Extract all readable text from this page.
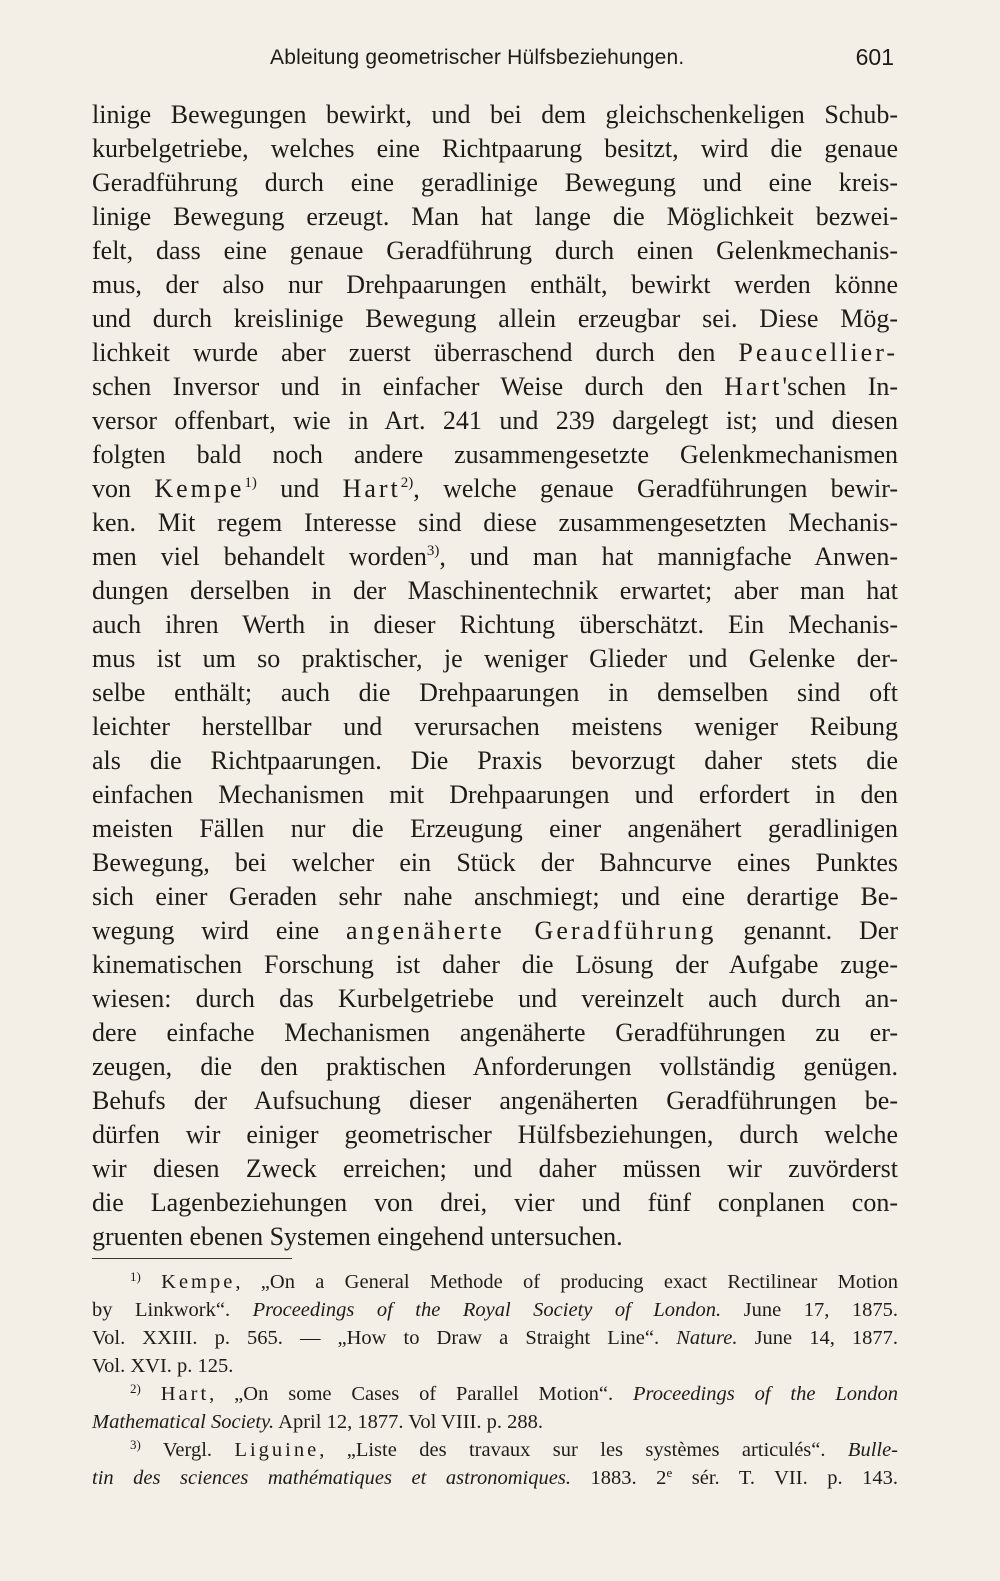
Ableitung geometrischer Hülfsbeziehungen.	601
linige Bewegungen bewirkt, und bei dem gleichschenkeligen Schub-
kurbelgetriebe, welches eine Richtpaarung besitzt, wird die genaue
Geradführung durch eine geradlinige Bewegung und eine kreis-
linige Bewegung erzeugt. Man hat lange die Möglichkeit bezwei-
felt, dass eine genaue Geradführung durch einen Gelenkmechanis-
mus, der also nur Drehpaarungen enthält, bewirkt werden könne
und durch kreislinige Bewegung allein erzeugbar sei. Diese Mög-
lichkeit wurde aber zuerst überraschend durch den Peaucellier-
schen Inversor und in einfacher Weise durch den Hart'schen In-
versor offenbart, wie in Art. 241 und 239 dargelegt ist; und diesen
folgten bald noch andere zusammengesetzte Gelenkmechanismen
von Kempe$^{1)}$ und Hart$^{2)}$, welche genaue Geradführungen bewir-
ken. Mit regem Interesse sind diese zusammengesetzten Mechanis-
men viel behandelt worden$^{3)}$, und man hat mannigfache Anwen-
dungen derselben in der Maschinentechnik erwartet; aber man hat
auch ihren Werth in dieser Richtung überschätzt. Ein Mechanis-
mus ist um so praktischer, je weniger Glieder und Gelenke der-
selbe enthält; auch die Drehpaarungen in demselben sind oft
leichter herstellbar und verursachen meistens weniger Reibung
als die Richtpaarungen. Die Praxis bevorzugt daher stets die
einfachen Mechanismen mit Drehpaarungen und erfordert in den
meisten Fällen nur die Erzeugung einer angenähert geradlinigen
Bewegung, bei welcher ein Stück der Bahncurve eines Punktes
sich einer Geraden sehr nahe anschmiegt; und eine derartige Be-
wegung wird eine angenäherte Geradführung genannt. Der
kinematischen Forschung ist daher die Lösung der Aufgabe zuge-
wiesen: durch das Kurbelgetriebe und vereinzelt auch durch an-
dere einfache Mechanismen angenäherte Geradführungen zu er-
zeugen, die den praktischen Anforderungen vollständig genügen.
Behufs der Aufsuchung dieser angenäherten Geradführungen be-
dürfen wir einiger geometrischer Hülfsbeziehungen, durch welche
wir diesen Zweck erreichen; und daher müssen wir zuvörderst
die Lagenbeziehungen von drei, vier und fünf conplanen con-
gruenten ebenen Systemen eingehend untersuchen.
$^{1)}$ Kempe, „On a General Methode of producing exact Rectilinear Motion
by Linkwork“. Proceedings of the Royal Society of London. June 17, 1875.
Vol. XXIII. p. 565. — „How to Draw a Straight Line“. Nature. June 14, 1877.
Vol. XVI. p. 125.
$^{2)}$ Hart, „On some Cases of Parallel Motion“. Proceedings of the London
Mathematical Society. April 12, 1877. Vol VIII. p. 288.
$^{3)}$ Vergl. Liguine, „Liste des travaux sur les systèmes articulés“. Bulle-
tin des sciences mathématiques et astronomiques. 1883. 2e sér. T. VII. p. 143.
